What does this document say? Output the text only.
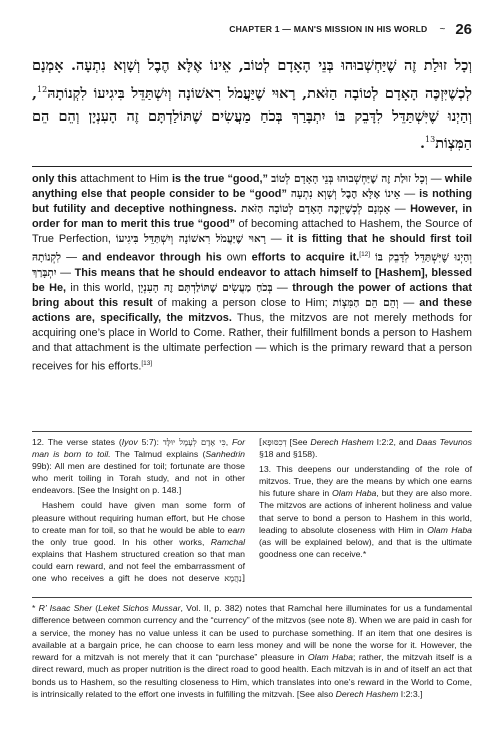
CHAPTER 1 — MAN'S MISSION IN HIS WORLD ~ 26
וְכָל זוּלַת זֶה שֶׁיַּחְשְׁבוּהוּ בְּנֵי הָאָדָם לְטוֹב, אֵינוֹ אֶלָּא הֶבֶל וְשָׁוְא נִתְעָה. אָמְנָם לְכְשֶׁיִּזְכֶּה הָאָדָם לְטוֹבָה הַזֹּאת, רָאוּי שֶׁיַּעֲמֹל רִאשׁוֹנָה וְיִשְׁתַּדֵּל בִּיגִיעוֹ לִקְנוֹתָהּ$^{12}$, וְהַיְנוּ שֶׁיִּשְׁתַּדֵּל לִדָּבֵק בּוֹ יִתְבָּרַךְ בְּכֹחַ מַעֲשִׂים שֶׁתּוֹלַדְתָּם זֶה הָעִנְיָן וְהֵם הֵם הַמִּצְוֹת$^{13}$.
only this attachment to Him is the true “good,” וְכָל זוּלַת זֶה שֶׁיַּחְשְׁבוּהוּ בְּנֵי הָאָדָם לְטוֹב — while anything else that people consider to be “good” אֵינוֹ אֶלָּא הֶבֶל וְשָׁוְא נִתְעָה — is nothing but futility and deceptive nothingness. אָמְנָם לְכְשֶׁיִּזְכֶּה הָאָדָם לְטוֹבָה הַזֹּאת — However, in order for man to merit this true “good” of becoming attached to Hashem, the Source of True Perfection, רָאוּי שֶׁיַּעֲמֹל רִאשׁוֹנָה וְיִשְׁתַּדֵּל בִּיגִיעוֹ — it is fitting that he should first toil לִקְנוֹתָהּ — and endeavor through his own efforts to acquire it.[12] וְהַיְנוּ שֶׁיִּשְׁתַּדֵּל לִדָּבֵק בּוֹ יִתְבָּרַךְ — This means that he should endeavor to attach himself to [Hashem], blessed be He, in this world, בְּכֹחַ מַעֲשִׂים שֶׁתּוֹלַדְתָּם זֶה הָעִנְיָן — through the power of actions that bring about this result of making a person close to Him; וְהֵם הֵם הַמִּצְוֹת — and these actions are, specifically, the mitzvos. Thus, the mitzvos are not merely methods for acquiring one’s place in World to Come. Rather, their fulfillment bonds a person to Hashem and that attachment is the ultimate perfection — which is the primary reward that a person receives for his efforts.[13]

12. The verse states (Iyov 5:7): כִּי אָדָם לְעָמָל יוּלָּד, For man is born to toil. The Talmud explains (Sanhedrin 99b): All men are destined for toil; fortunate are those who merit toiling in Torah study, and not in other endeavors. [See the Insight on p. 148.]

Hashem could have given man some form of pleasure without requiring human effort, but He chose to create man for toil, so that he would be able to earn the only true good. In his other works, Ramchal explains that Hashem structured creation so that man could earn reward, and not feel the embarrassment of one who receives a gift he does not deserve [נַהֲמָא דְכִסּוּפָא] [See Derech Hashem I:2:2, and Daas Tevunos §18 and §158).

13. This deepens our understanding of the role of mitzvos. True, they are the means by which one earns his future share in Olam Haba, but they are also more. The mitzvos are actions of inherent holiness and value that serve to bond a person to Hashem in this world, leading to absolute closeness with Him in Olam Haba (as will be explained below), and that is the ultimate goodness one can receive.*

* R’ Isaac Sher (Leket Sichos Mussar, Vol. II, p. 382) notes that Ramchal here illuminates for us a fundamental difference between common currency and the “currency” of the mitzvos (see note 8). When we are paid in cash for a service, the money has no value unless it can be used to purchase something. If an item that one desires is available at a bargain price, he can choose to earn less money and will be none the worse for it. However, the reward for a mitzvah is not merely that it can “purchase” pleasure in Olam Haba; rather, the mitzvah itself is a direct reward, much as proper nutrition is the direct road to good health. Each mitzvah is in and of itself an act that bonds us to Hashem, so the resulting closeness to Him, which translates into one’s reward in the World to Come, is intrinsically related to the effort one invests in fulfilling the mitzvah. [See also Derech Hashem I:2:3.]
